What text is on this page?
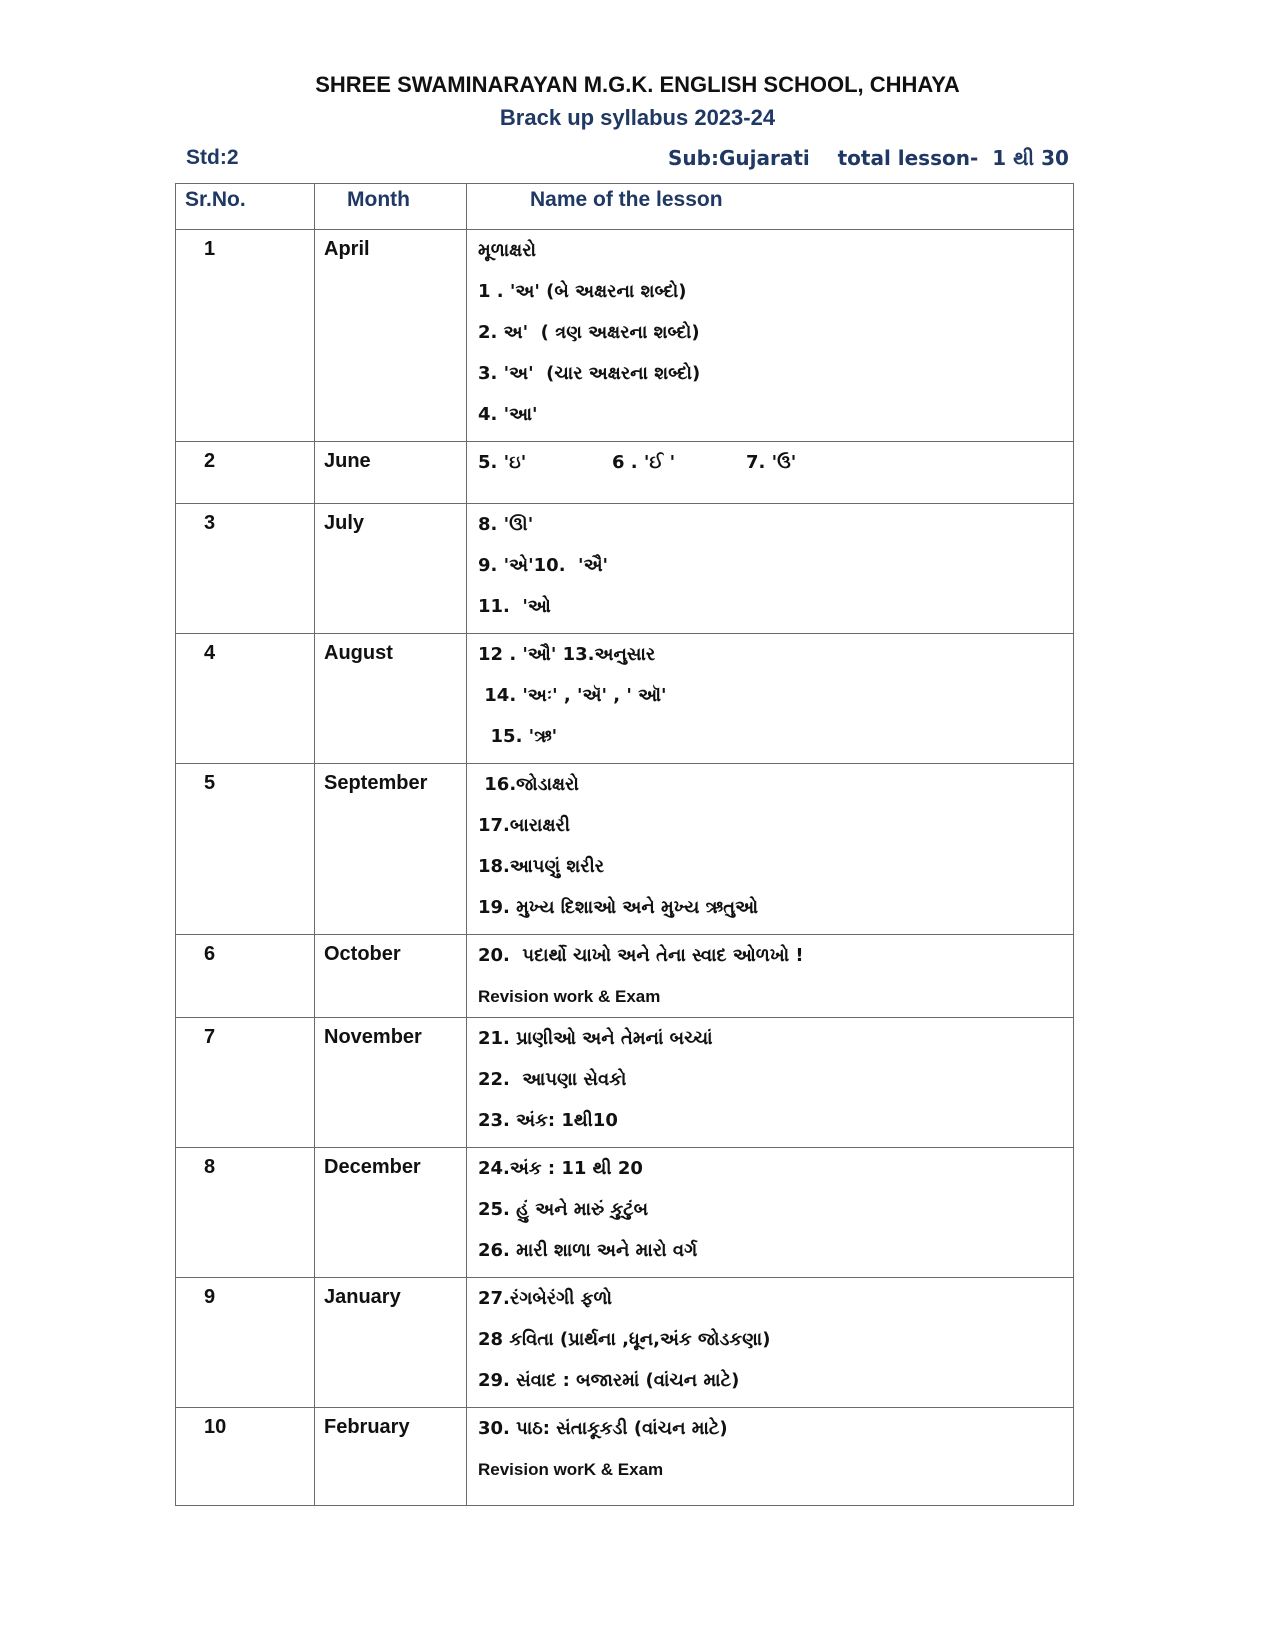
SHREE SWAMINARAYAN M.G.K. ENGLISH SCHOOL, CHHAYA
Brack up syllabus 2023-24
Std:2	Sub:Gujarati    total lesson-  1 થી 30
Sr.No.	Month	Name of the lesson
1	April	મૂળાક્ષરો
1 . 'અ' (બે અક્ષરના શબ્દો)
2. અ'  ( ત્રણ અક્ષરના શબ્દો)
3. 'અ'  (ચાર અક્ષરના શબ્દો)
4. 'આ'

2	June	5. 'ઇ' 6 . 'ઈ ' 7. 'ઉ'

3	July	8. 'ઊ'
9. 'એ'10.  'ઐ'
11.  'ઓ

4	August	12 . 'ઔ' 13.અનુસાર
14. 'અઃ' , 'ઍ' , ' ઑ'
15. 'ઋ'

5	September	16.જોડાક્ષરો
17.બારાક્ષરી
18.આપણું શરીર
19. મુખ્ય દિશાઓ અને મુખ્ય ઋતુઓ

6	October	20.  પદાર્થો ચાખો અને તેના સ્વાદ ઓળખો !
Revision work & Exam

7	November	21. પ્રાણીઓ અને તેમનાં બચ્ચાં
22.  આપણા સેવકો
23. અંક: 1થી10

8	December	24.અંક : 11 થી 20
25. હું અને મારું કુટુંબ
26. મારી શાળા અને મારો વર્ગ

9	January	27.રંગબેરંગી ફળો
28 કવિતા (પ્રાર્થના ,ધૂન,અંક જોડકણા)
29. સંવાદ : બજારમાં (વાંચન માટે)

10	February	30. પાઠ: સંતાકૂકડી (વાંચન માટે)
Revision worK & Exam
